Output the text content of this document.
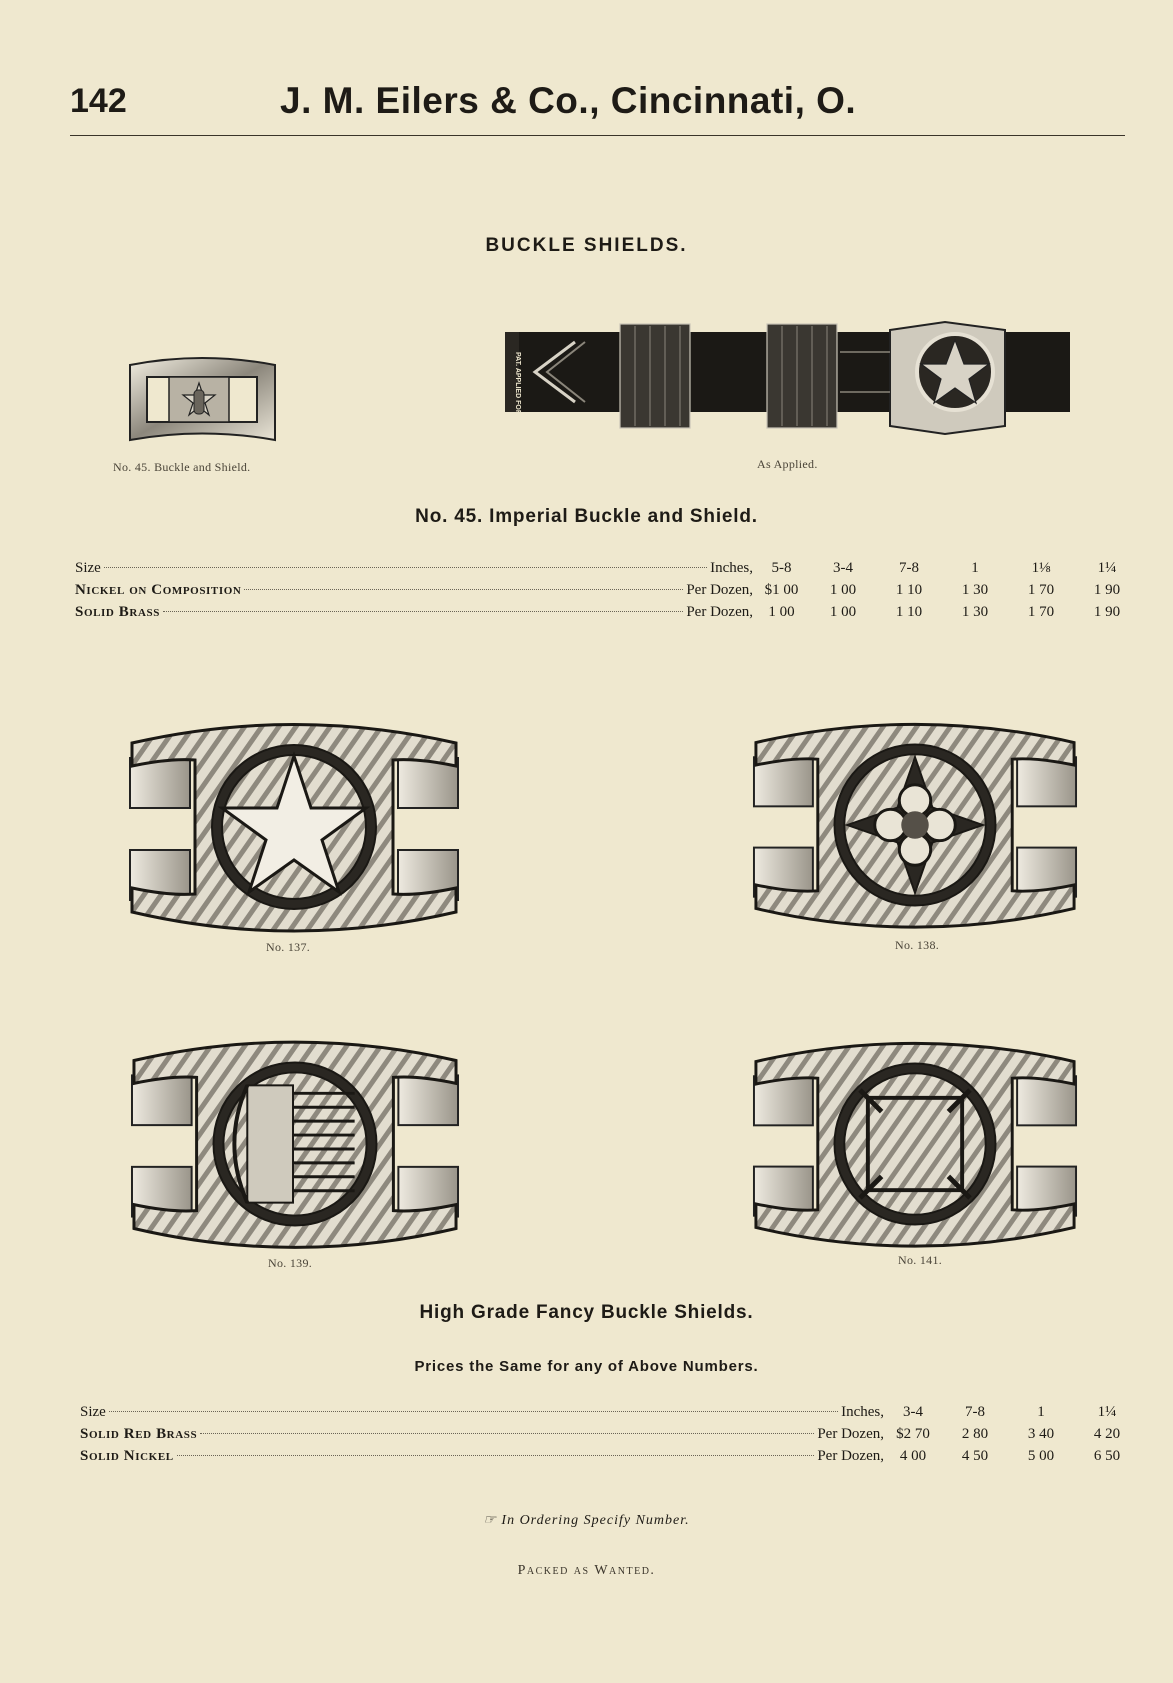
142	J. M. Eilers & Co., Cincinnati, O.
BUCKLE SHIELDS.
No. 45. Buckle and Shield.
PAT. APPLIED FOR
As Applied.
No. 45. Imperial Buckle and Shield.
Size	Inches,	5-8	3-4	7-8	1	1⅛	1¼
Nickel on Composition	Per Dozen, $1 00	1 00	1 10	1 30	1 70	1 90
Solid Brass	Per Dozen,	1 00	1 00	1 10	1 30	1 70	1 90
No. 137.	No. 138.
No. 139.	No. 141.
High Grade Fancy Buckle Shields.
Prices the Same for any of Above Numbers.
Size	Inches,	3-4	7-8	1	1¼
Solid Red Brass	Per Dozen, $2 70	2 80	3 40	4 20
Solid Nickel	Per Dozen,	4 00	4 50	5 00	6 50
☞ In Ordering Specify Number.
Packed as Wanted.
